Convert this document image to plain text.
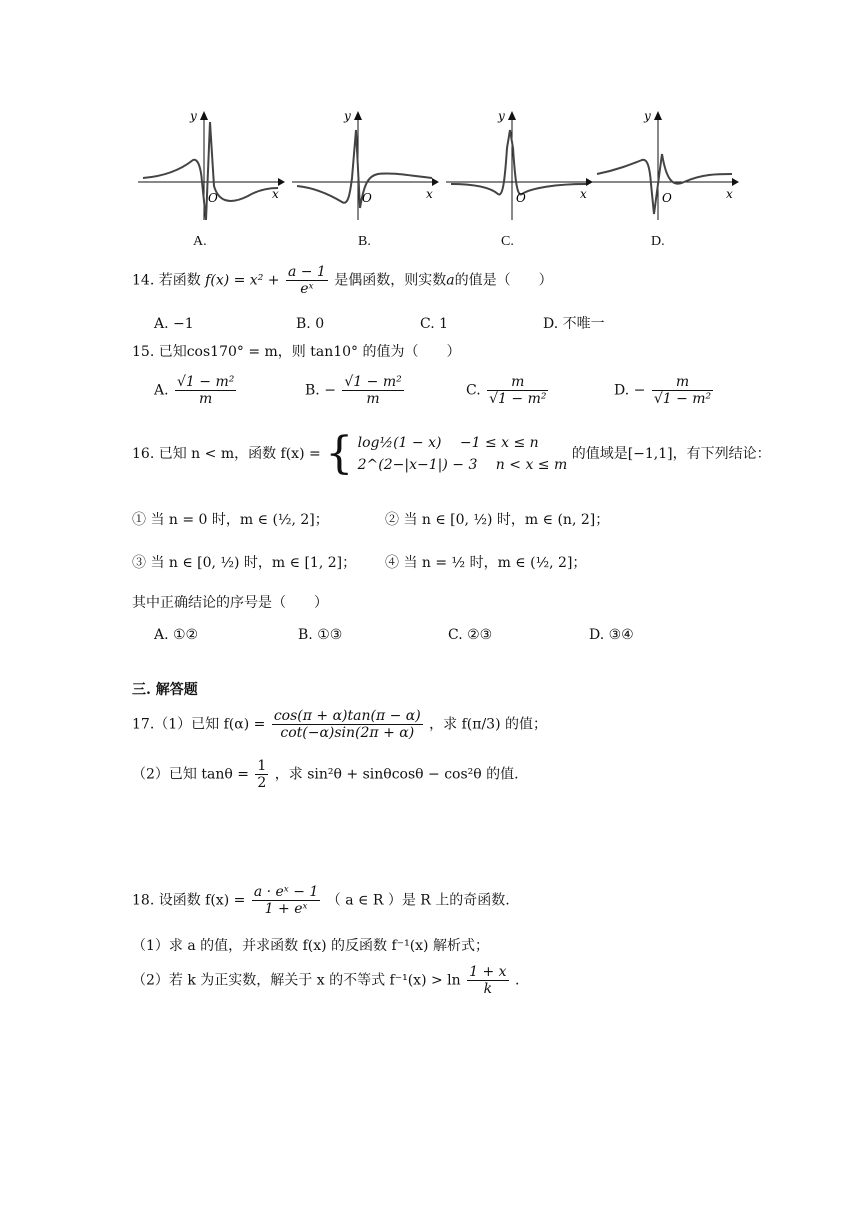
y
x
O
A.
y
x
O
B.
y
x
O
C.
y
x
O
D.
14. 若函数 $f(x) = x^2 + \frac{a - 1}{\text{eˣ}}$ 是偶函数，则实数a的值是（　　）
A. −1	B. 0	C. 1	D. 不唯一
15. 已知cos170° = m，则 tan10° 的值为（　　）
A. $\frac{\text{√1 − m²}}{m}$	B. − $\frac{\text{√1 − m²}}{m}$	C. $\frac{m}{\text{√1 − m²}}$	D. − $\frac{m}{\text{√1 − m²}}$
16. 已知 n < m，函数 f(x) = { log½(1 − x)　 −1 ≤ x ≤ n
2^(2−|x−1|) − 3　 n < x ≤ m
的值域是[−1,1]，有下列结论：
① 当 n = 0 时，m ∈ (½, 2]；	② 当 n ∈ [0, ½) 时，m ∈ (n, 2]；
③ 当 n ∈ [0, ½) 时，m ∈ [1, 2]； ④ 当 n = ½ 时，m ∈ (½, 2]；
其中正确结论的序号是（　　）
A. ①②	B. ①③	C. ②③	D. ③④
三. 解答题
17.（1）已知 $f(\alpha) = \frac{\cos(\pi + \alpha)\tan(\pi - \alpha)}{\cot(-\alpha)\sin(2\pi + \alpha)}$ ，求 f(π/3) 的值；
（2）已知 $\tan\theta = \frac{1}{2}$ ，求 sin²θ + sinθcosθ − cos²θ 的值.
18. 设函数 $f(x) = \frac{\text{a · eˣ − 1}}{\text{1 + eˣ}}$ （ a ∈ R ）是 R 上的奇函数.
（1）求 a 的值，并求函数 f(x) 的反函数 f⁻¹(x) 解析式；
（2）若 k 为正实数，解关于 x 的不等式 $f^{-1}(x) > \ln \frac{1 + x}{k}$ .
